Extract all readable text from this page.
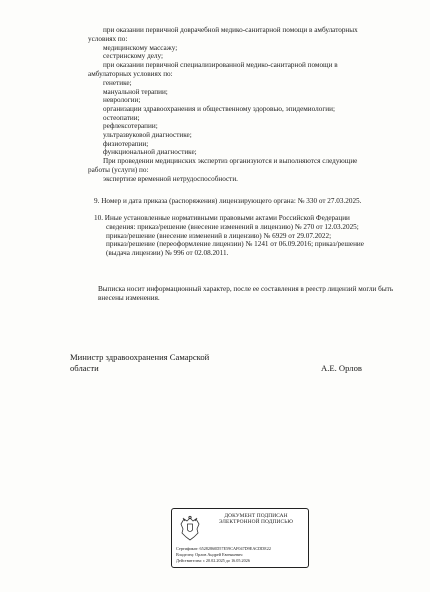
при оказании первичной доврачебной медико-санитарной помощи в амбулаторных
условиях по:
медицинскому массажу;
сестринскому делу;
при оказании первичной специализированной медико-санитарной помощи в
амбулаторных условиях по:
генетике;
мануальной терапии;
неврологии;
организации здравоохранения и общественному здоровью, эпидемиологии;
остеопатии;
рефлексотерапии;
ультразвуковой диагностике;
физиотерапии;
функциональной диагностике;
При проведении медицинских экспертиз организуются и выполняются следующие
работы (услуги) по:
экспертизе временной нетрудоспособности.
9. Номер и дата приказа (распоряжения) лицензирующего органа: № 330 от 27.03.2025.
10. Иные установленные нормативными правовыми актами Российской Федерации
сведения: приказ/решение (внесение изменений в лицензию) № 270 от 12.03.2025;
приказ/решение (внесение изменений в лицензию) № 6929 от 29.07.2022;
приказ/решение (переоформление лицензии) № 1241 от 06.09.2016; приказ/решение
(выдача лицензии) № 996 от 02.08.2011.
Выписка носит информационный характер, после ее составления в реестр лицензий могли быть
внесены изменения.
Министр здравоохранения Самарской
области	А.Е. Орлов
ДОКУМЕНТ ПОДПИСАН
ЭЛЕКТРОННОЙ ПОДПИСЬЮ
Сертификат: 65282860D57E59CAF047D9EACDDE22
Владелец: Орлов Андрей Евгеньевич
Действителен: с 20.02.2025 до 16.05.2026
